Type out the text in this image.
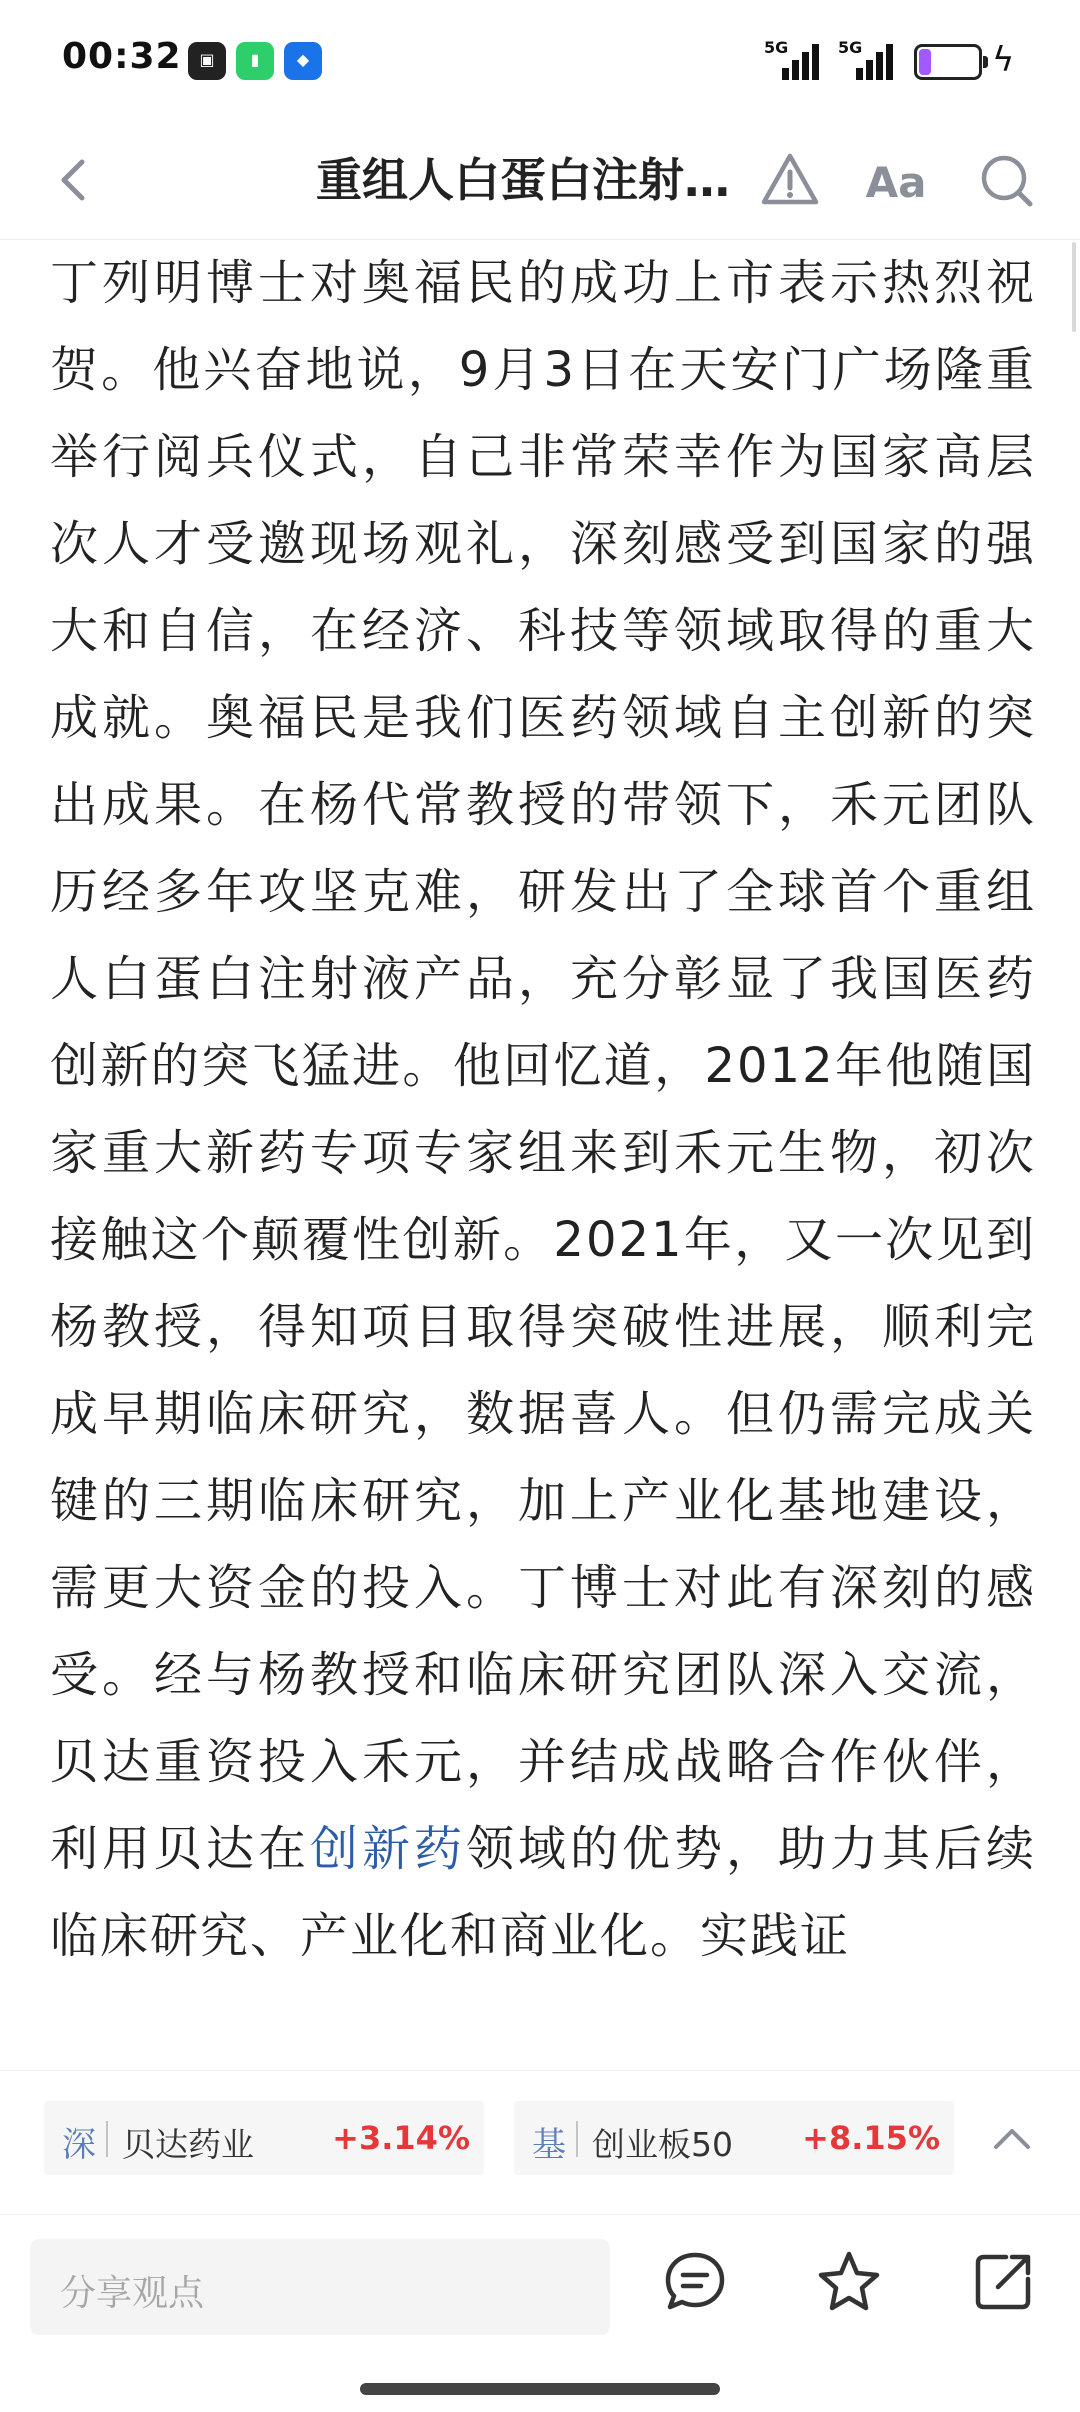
00:32	▣	▮	◆
5G	5G
21 ϟ
重组人白蛋白注射…	Aa

丁列明博士对奥福民的成功上市表示热烈祝贺。他兴奋地说，9月3日在天安门广场隆重举行阅兵仪式，自己非常荣幸作为国家高层次人才受邀现场观礼，深刻感受到国家的强大和自信，在经济、科技等领域取得的重大成就。奥福民是我们医药领域自主创新的突出成果。在杨代常教授的带领下，禾元团队历经多年攻坚克难，研发出了全球首个重组人白蛋白注射液产品，充分彰显了我国医药创新的突飞猛进。他回忆道，2012年他随国家重大新药专项专家组来到禾元生物，初次接触这个颠覆性创新。2021年，又一次见到杨教授，得知项目取得突破性进展，顺利完成早期临床研究，数据喜人。但仍需完成关键的三期临床研究，加上产业化基地建设，需更大资金的投入。丁博士对此有深刻的感受。经与杨教授和临床研究团队深入交流，贝达重资投入禾元，并结成战略合作伙伴，利用贝达在创新药领域的优势，助力其后续临床研究、产业化和商业化。实践证

深 贝达药业 +3.14% 基 创业板50 +8.15%
分享观点
